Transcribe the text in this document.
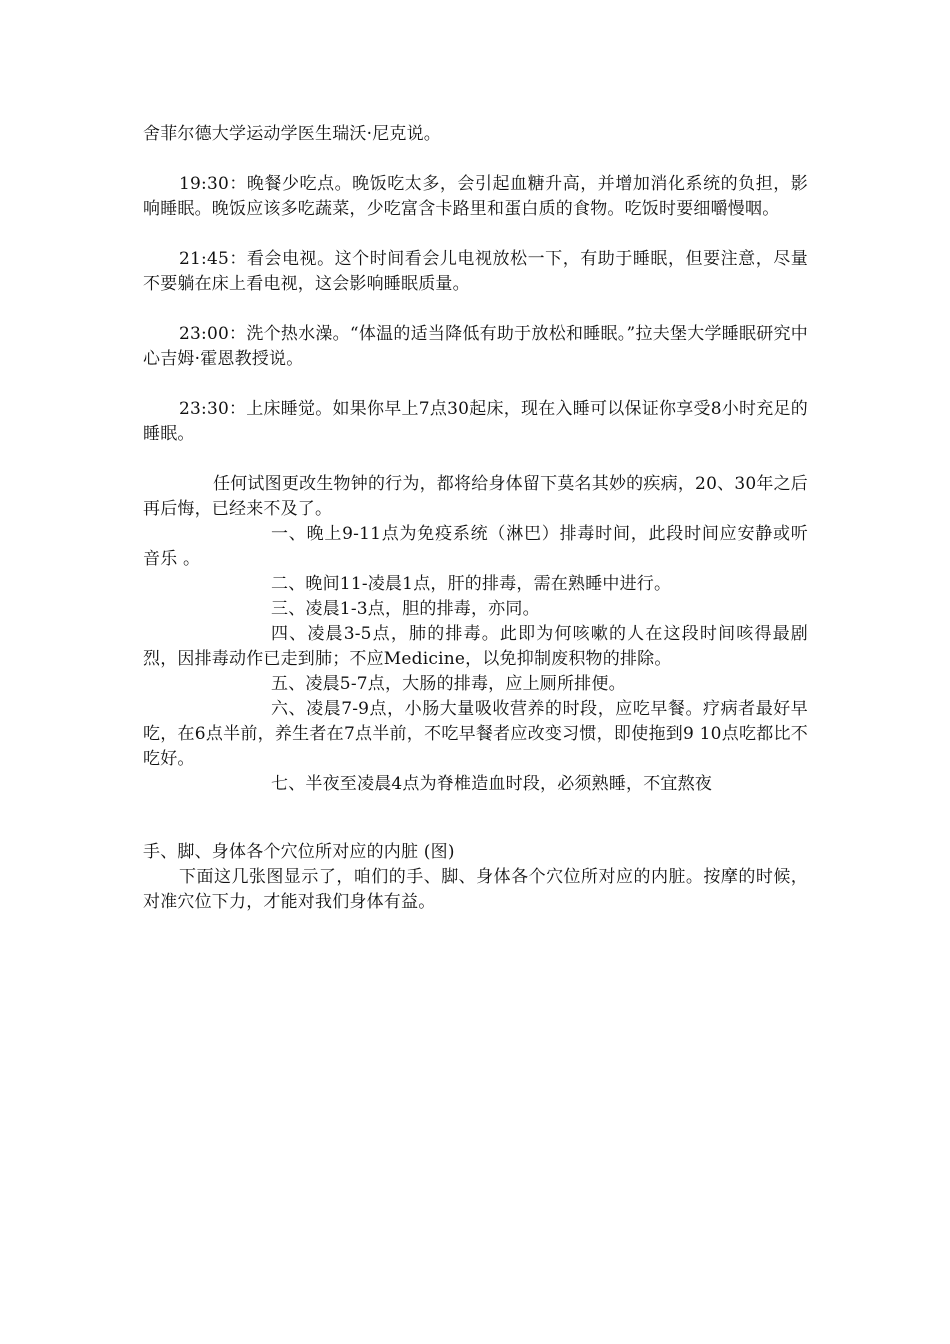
舍菲尔德大学运动学医生瑞沃·尼克说。

19:30：晚餐少吃点。晚饭吃太多，会引起血糖升高，并增加消化系统的负担，影响睡眠。晚饭应该多吃蔬菜，少吃富含卡路里和蛋白质的食物。吃饭时要细嚼慢咽。

21:45：看会电视。这个时间看会儿电视放松一下，有助于睡眠，但要注意，尽量不要躺在床上看电视，这会影响睡眠质量。

23:00：洗个热水澡。“体温的适当降低有助于放松和睡眠。”拉夫堡大学睡眠研究中心吉姆·霍恩教授说。

23:30：上床睡觉。如果你早上7点30起床，现在入睡可以保证你享受8小时充足的睡眠。

任何试图更改生物钟的行为，都将给身体留下莫名其妙的疾病，20、30年之后再后悔，已经来不及了。

一、晚上9-11点为免疫系统（淋巴）排毒时间，此段时间应安静或听音乐 。

二、晚间11-凌晨1点，肝的排毒，需在熟睡中进行。

三、凌晨1-3点，胆的排毒，亦同。

四、凌晨3-5点，肺的排毒。此即为何咳嗽的人在这段时间咳得最剧烈，因排毒动作已走到肺；不应Medicine，以免抑制废积物的排除。

五、凌晨5-7点，大肠的排毒，应上厕所排便。

六、凌晨7-9点，小肠大量吸收营养的时段，应吃早餐。疗病者最好早吃，在6点半前，养生者在7点半前，不吃早餐者应改变习惯，即使拖到9 10点吃都比不吃好。

七、半夜至凌晨4点为脊椎造血时段，必须熟睡，不宜熬夜

手、脚、身体各个穴位所对应的内脏 (图)

下面这几张图显示了，咱们的手、脚、身体各个穴位所对应的内脏。按摩的时候，对准穴位下力，才能对我们身体有益。
